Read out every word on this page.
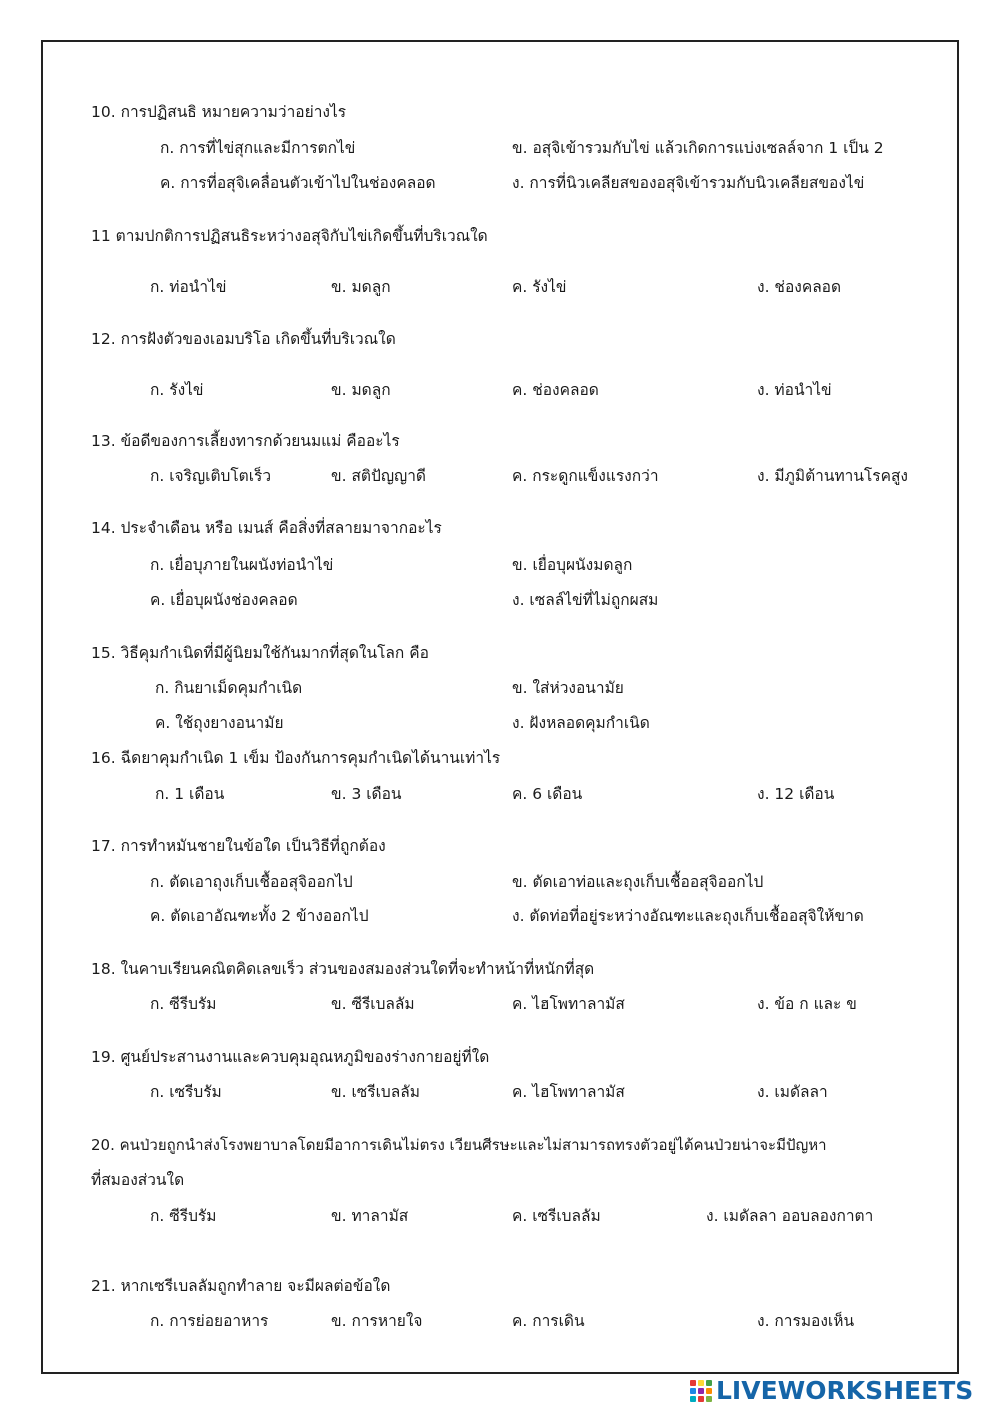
10. การปฏิสนธิ หมายความว่าอย่างไร
ก. การที่ไข่สุกและมีการตกไข่	ข. อสุจิเข้ารวมกับไข่ แล้วเกิดการแบ่งเซลล์จาก 1 เป็น 2
ค. การที่อสุจิเคลื่อนตัวเข้าไปในช่องคลอด	ง. การที่นิวเคลียสของอสุจิเข้ารวมกับนิวเคลียสของไข่
11 ตามปกติการปฏิสนธิระหว่างอสุจิกับไข่เกิดขึ้นที่บริเวณใด
ก. ท่อนำไข่	ข. มดลูก	ค. รังไข่	ง. ช่องคลอด
12. การฝังตัวของเอมบริโอ เกิดขึ้นที่บริเวณใด
ก. รังไข่	ข. มดลูก	ค. ช่องคลอด	ง. ท่อนำไข่
13. ข้อดีของการเลี้ยงทารกด้วยนมแม่ คืออะไร
ก. เจริญเติบโตเร็ว	ข. สติปัญญาดี	ค. กระดูกแข็งแรงกว่า	ง. มีภูมิต้านทานโรคสูง
14. ประจำเดือน หรือ เมนส์ คือสิ่งที่สลายมาจากอะไร
ก. เยื่อบุภายในผนังท่อนำไข่	ข. เยื่อบุผนังมดลูก
ค. เยื่อบุผนังช่องคลอด	ง. เซลล์ไข่ที่ไม่ถูกผสม
15. วิธีคุมกำเนิดที่มีผู้นิยมใช้กันมากที่สุดในโลก คือ
ก. กินยาเม็ดคุมกำเนิด	ข. ใส่ห่วงอนามัย
ค. ใช้ถุงยางอนามัย	ง. ฝังหลอดคุมกำเนิด
16. ฉีดยาคุมกำเนิด 1 เข็ม ป้องกันการคุมกำเนิดได้นานเท่าไร
ก. 1 เดือน	ข. 3 เดือน	ค. 6 เดือน	ง. 12 เดือน
17. การทำหมันชายในข้อใด เป็นวิธีที่ถูกต้อง
ก. ตัดเอาถุงเก็บเชื้ออสุจิออกไป	ข. ตัดเอาท่อและถุงเก็บเชื้ออสุจิออกไป
ค. ตัดเอาอัณฑะทั้ง 2 ข้างออกไป	ง. ตัดท่อที่อยู่ระหว่างอัณฑะและถุงเก็บเชื้ออสุจิให้ขาด
18. ในคาบเรียนคณิตคิดเลขเร็ว ส่วนของสมองส่วนใดที่จะทำหน้าที่หนักที่สุด
ก. ซีรีบรัม	ข. ซีรีเบลลัม	ค. ไฮโพทาลามัส	ง. ข้อ ก และ ข
19. ศูนย์ประสานงานและควบคุมอุณหภูมิของร่างกายอยู่ที่ใด
ก. เซรีบรัม	ข. เซรีเบลลัม	ค. ไฮโพทาลามัส	ง. เมดัลลา
20. คนป่วยถูกนำส่งโรงพยาบาลโดยมีอาการเดินไม่ตรง เวียนศีรษะและไม่สามารถทรงตัวอยู่ได้คนป่วยน่าจะมีปัญหา
ที่สมองส่วนใด
ก. ซีรีบรัม	ข. ทาลามัส	ค. เซรีเบลลัม	ง. เมดัลลา ออบลองกาตา
21. หากเซรีเบลลัมถูกทำลาย จะมีผลต่อข้อใด
ก. การย่อยอาหาร	ข. การหายใจ	ค. การเดิน	ง. การมองเห็น
LIVEWORKSHEETS
